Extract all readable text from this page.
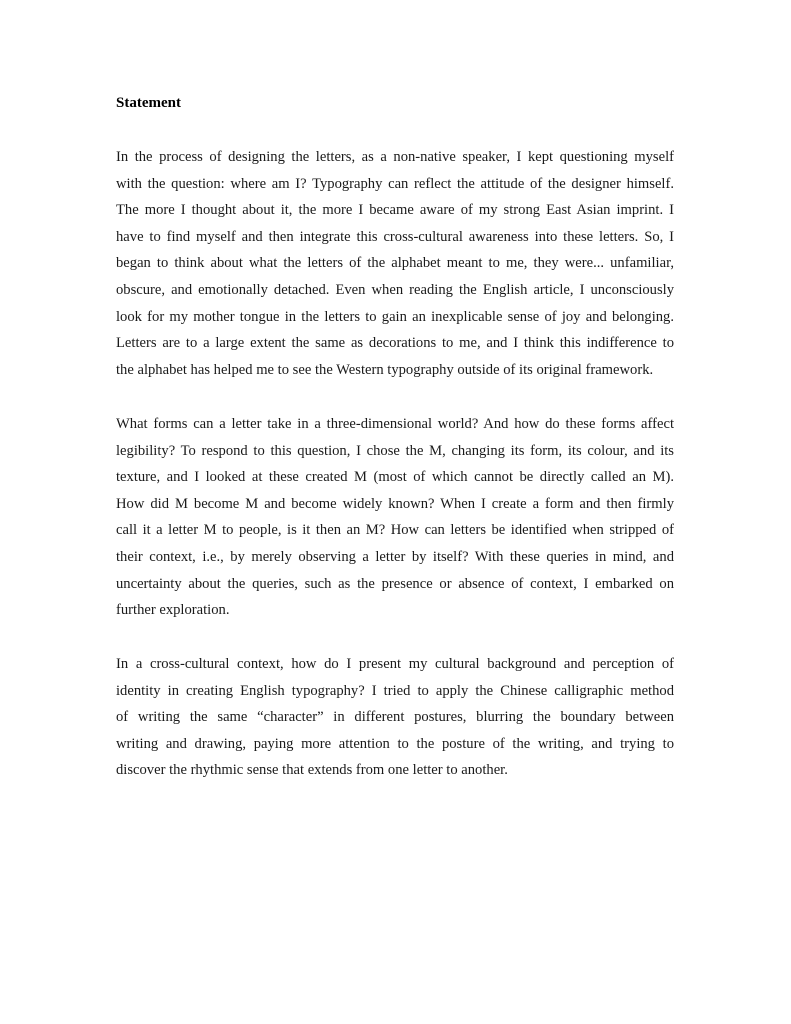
Statement
In the process of designing the letters, as a non-native speaker, I kept questioning myself
with the question: where am I? Typography can reflect the attitude of the designer himself.
The more I thought about it, the more I became aware of my strong East Asian imprint. I
have to find myself and then integrate this cross-cultural awareness into these letters. So, I
began to think about what the letters of the alphabet meant to me, they were... unfamiliar,
obscure, and emotionally detached. Even when reading the English article, I unconsciously
look for my mother tongue in the letters to gain an inexplicable sense of joy and belonging.
Letters are to a large extent the same as decorations to me, and I think this indifference to
the alphabet has helped me to see the Western typography outside of its original framework.
What forms can a letter take in a three-dimensional world? And how do these forms affect
legibility? To respond to this question, I chose the M, changing its form, its colour, and its
texture, and I looked at these created M (most of which cannot be directly called an M).
How did M become M and become widely known? When I create a form and then firmly
call it a letter M to people, is it then an M? How can letters be identified when stripped of
their context, i.e., by merely observing a letter by itself? With these queries in mind, and
uncertainty about the queries, such as the presence or absence of context, I embarked on
further exploration.
In a cross-cultural context, how do I present my cultural background and perception of
identity in creating English typography? I tried to apply the Chinese calligraphic method
of writing the same “character” in different postures, blurring the boundary between
writing and drawing, paying more attention to the posture of the writing, and trying to
discover the rhythmic sense that extends from one letter to another.
